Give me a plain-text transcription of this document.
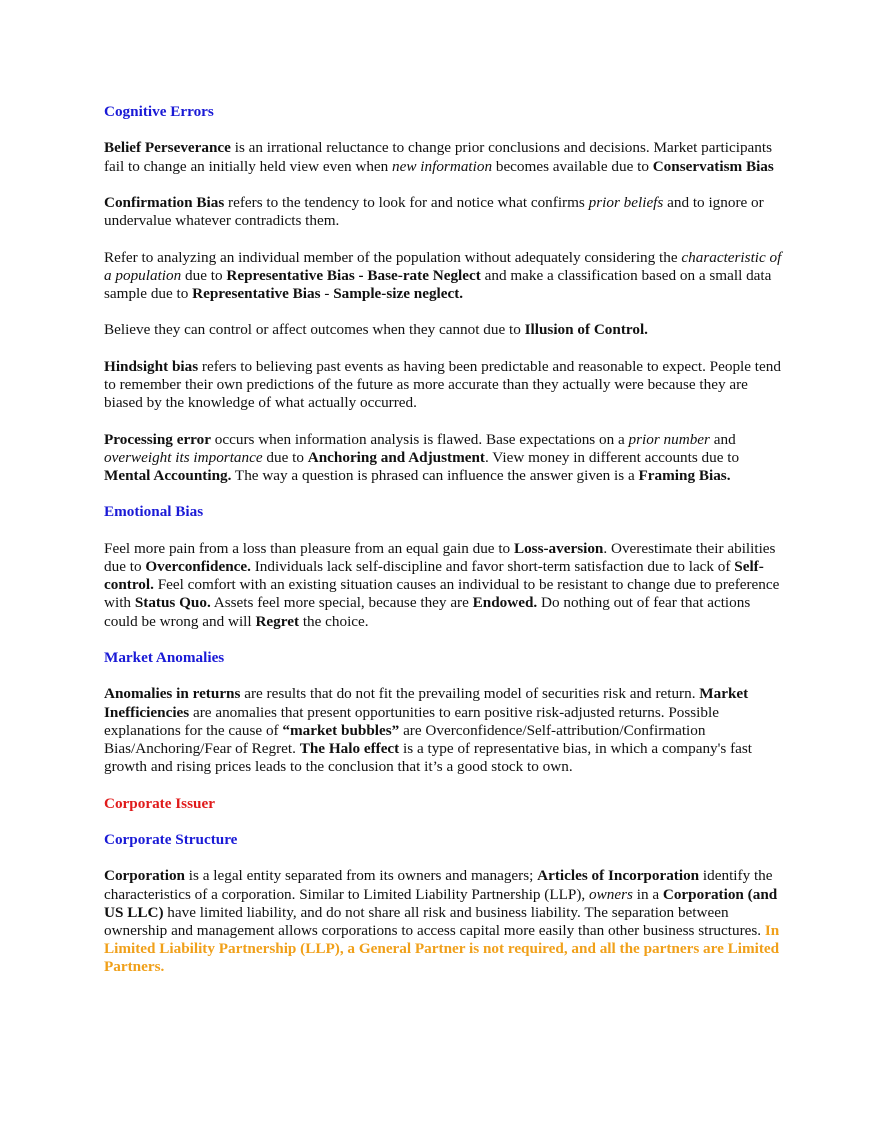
Cognitive Errors

Belief Perseverance is an irrational reluctance to change prior conclusions and decisions. Market participants fail to change an initially held view even when new information becomes available due to Conservatism Bias

Confirmation Bias refers to the tendency to look for and notice what confirms prior beliefs and to ignore or undervalue whatever contradicts them.

Refer to analyzing an individual member of the population without adequately considering the characteristic of a population due to Representative Bias - Base-rate Neglect and make a classification based on a small data sample due to Representative Bias - Sample-size neglect.

Believe they can control or affect outcomes when they cannot due to Illusion of Control.

Hindsight bias refers to believing past events as having been predictable and reasonable to expect. People tend to remember their own predictions of the future as more accurate than they actually were because they are biased by the knowledge of what actually occurred.

Processing error occurs when information analysis is flawed. Base expectations on a prior number and overweight its importance due to Anchoring and Adjustment. View money in different accounts due to Mental Accounting. The way a question is phrased can influence the answer given is a Framing Bias.

Emotional Bias

Feel more pain from a loss than pleasure from an equal gain due to Loss-aversion. Overestimate their abilities due to Overconfidence. Individuals lack self-discipline and favor short-term satisfaction due to lack of Self-control. Feel comfort with an existing situation causes an individual to be resistant to change due to preference with Status Quo. Assets feel more special, because they are Endowed. Do nothing out of fear that actions could be wrong and will Regret the choice.

Market Anomalies

Anomalies in returns are results that do not fit the prevailing model of securities risk and return. Market Inefficiencies are anomalies that present opportunities to earn positive risk-adjusted returns. Possible explanations for the cause of “market bubbles” are Overconfidence/Self-attribution/Confirmation Bias/Anchoring/Fear of Regret. The Halo effect is a type of representative bias, in which a company's fast growth and rising prices leads to the conclusion that it’s a good stock to own.

Corporate Issuer

Corporate Structure

Corporation is a legal entity separated from its owners and managers; Articles of Incorporation identify the characteristics of a corporation. Similar to Limited Liability Partnership (LLP), owners in a Corporation (and US LLC) have limited liability, and do not share all risk and business liability. The separation between ownership and management allows corporations to access capital more easily than other business structures. In Limited Liability Partnership (LLP), a General Partner is not required, and all the partners are Limited Partners.
